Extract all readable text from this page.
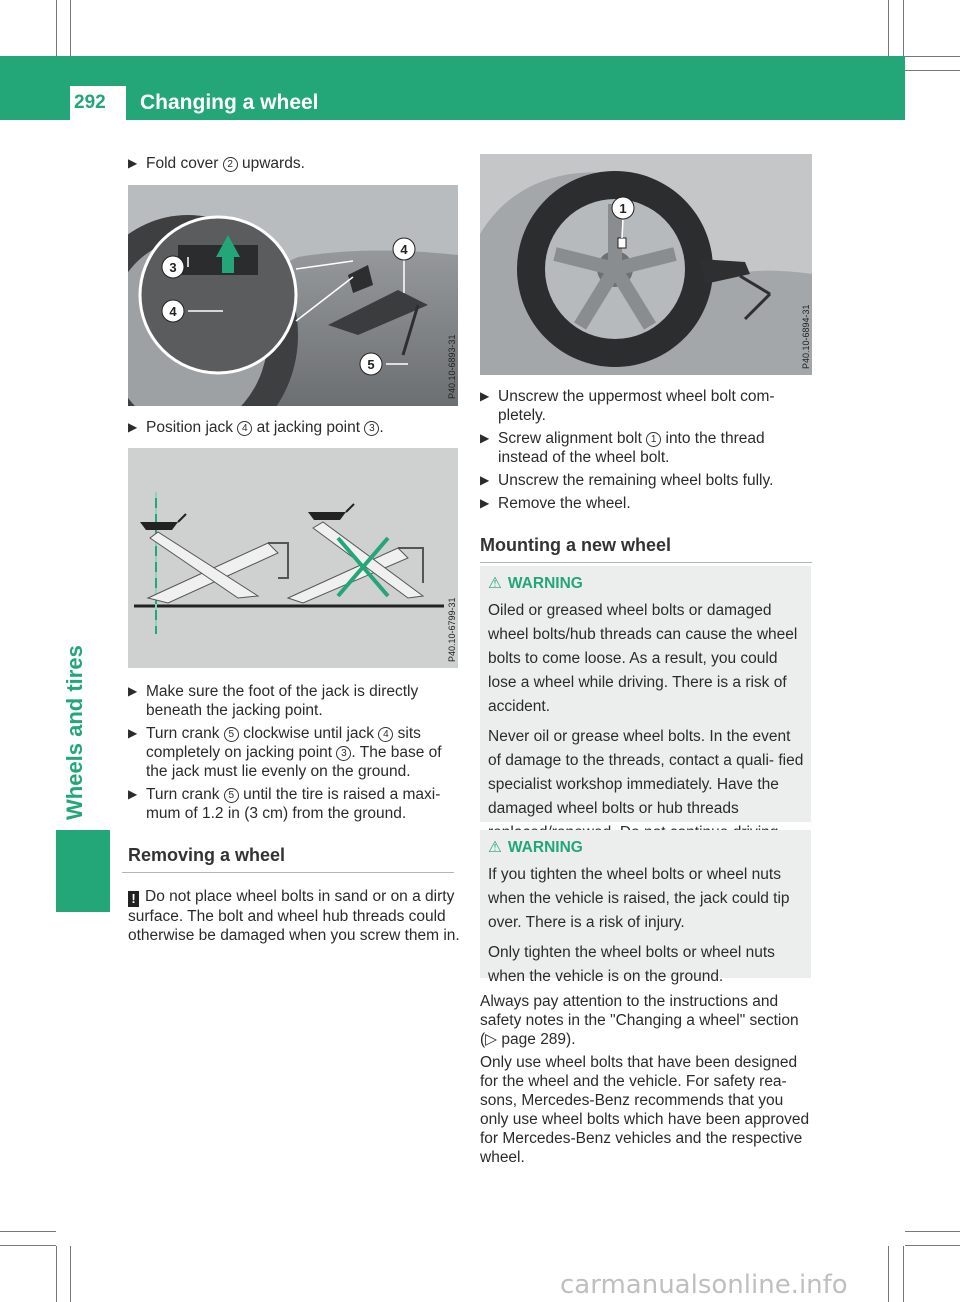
292	Changing a wheel
Wheels and tires
▶ Fold cover 2 upwards.
3
4
4
5	P40.10-6893-31
▶ Position jack 4 at jacking point 3 .
P40.10-6799-31
▶ Make sure the foot of the jack is directly beneath the jacking point.
▶ Turn crank 5 clockwise until jack 4 sits completely on jacking point 3 . The base of the jack must lie evenly on the ground.
▶ Turn crank 5 until the tire is raised a maxi- mum of 1.2 in (3 cm) from the ground.
Removing a wheel

! Do not place wheel bolts in sand or on a dirty surface. The bolt and wheel hub threads could otherwise be damaged when you screw them in.

1
P40.10-6894-31
▶ Unscrew the uppermost wheel bolt com- pletely.
▶ Screw alignment bolt 1 into the thread instead of the wheel bolt.
▶ Unscrew the remaining wheel bolts fully.
▶ Remove the wheel.
Mounting a new wheel
⚠ WARNING

Oiled or greased wheel bolts or damaged wheel bolts/hub threads can cause the wheel bolts to come loose. As a result, you could lose a wheel while driving. There is a risk of accident.

Never oil or grease wheel bolts. In the event of damage to the threads, contact a quali- fied specialist workshop immediately. Have the damaged wheel bolts or hub threads

⚠ WARNING

If you tighten the wheel bolts or wheel nuts when the vehicle is raised, the jack could tip over. There is a risk of injury.

Only tighten the wheel bolts or wheel nuts when the vehicle is on the ground.

Always pay attention to the instructions and safety notes in the "Changing a wheel" section (▷ page 289).

Only use wheel bolts that have been designed for the wheel and the vehicle. For safety rea- sons, Mercedes-Benz recommends that you only use wheel bolts which have been approved for Mercedes-Benz vehicles and the respective wheel.

carmanualsonline.info
